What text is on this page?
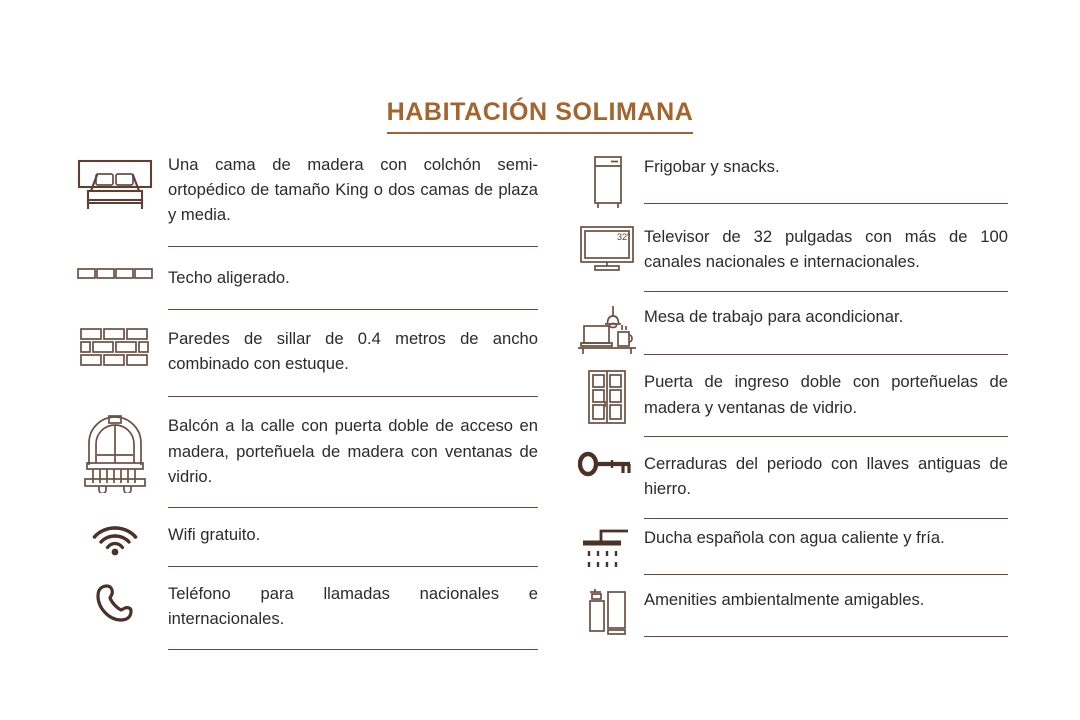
HABITACIÓN SOLIMANA

Una cama de madera con colchón semi-ortopédico de tamaño King o dos camas de plaza y media.

Techo aligerado.

Paredes de sillar de 0.4 metros de ancho combinado con estuque.

Balcón a la calle con puerta doble de acceso en madera, porteñuela de madera con ventanas de vidrio.

Wifi gratuito.

Teléfono para llamadas nacionales e internacionales.

Frigobar y snacks.

32" Televisor de 32 pulgadas con más de 100 canales nacionales e internacionales.

Mesa de trabajo para acondicionar.

Puerta de ingreso doble con porteñuelas de madera y ventanas de vidrio.

Cerraduras del periodo con llaves antiguas de hierro.

Ducha española con agua caliente y fría.

Amenities ambientalmente amigables.
